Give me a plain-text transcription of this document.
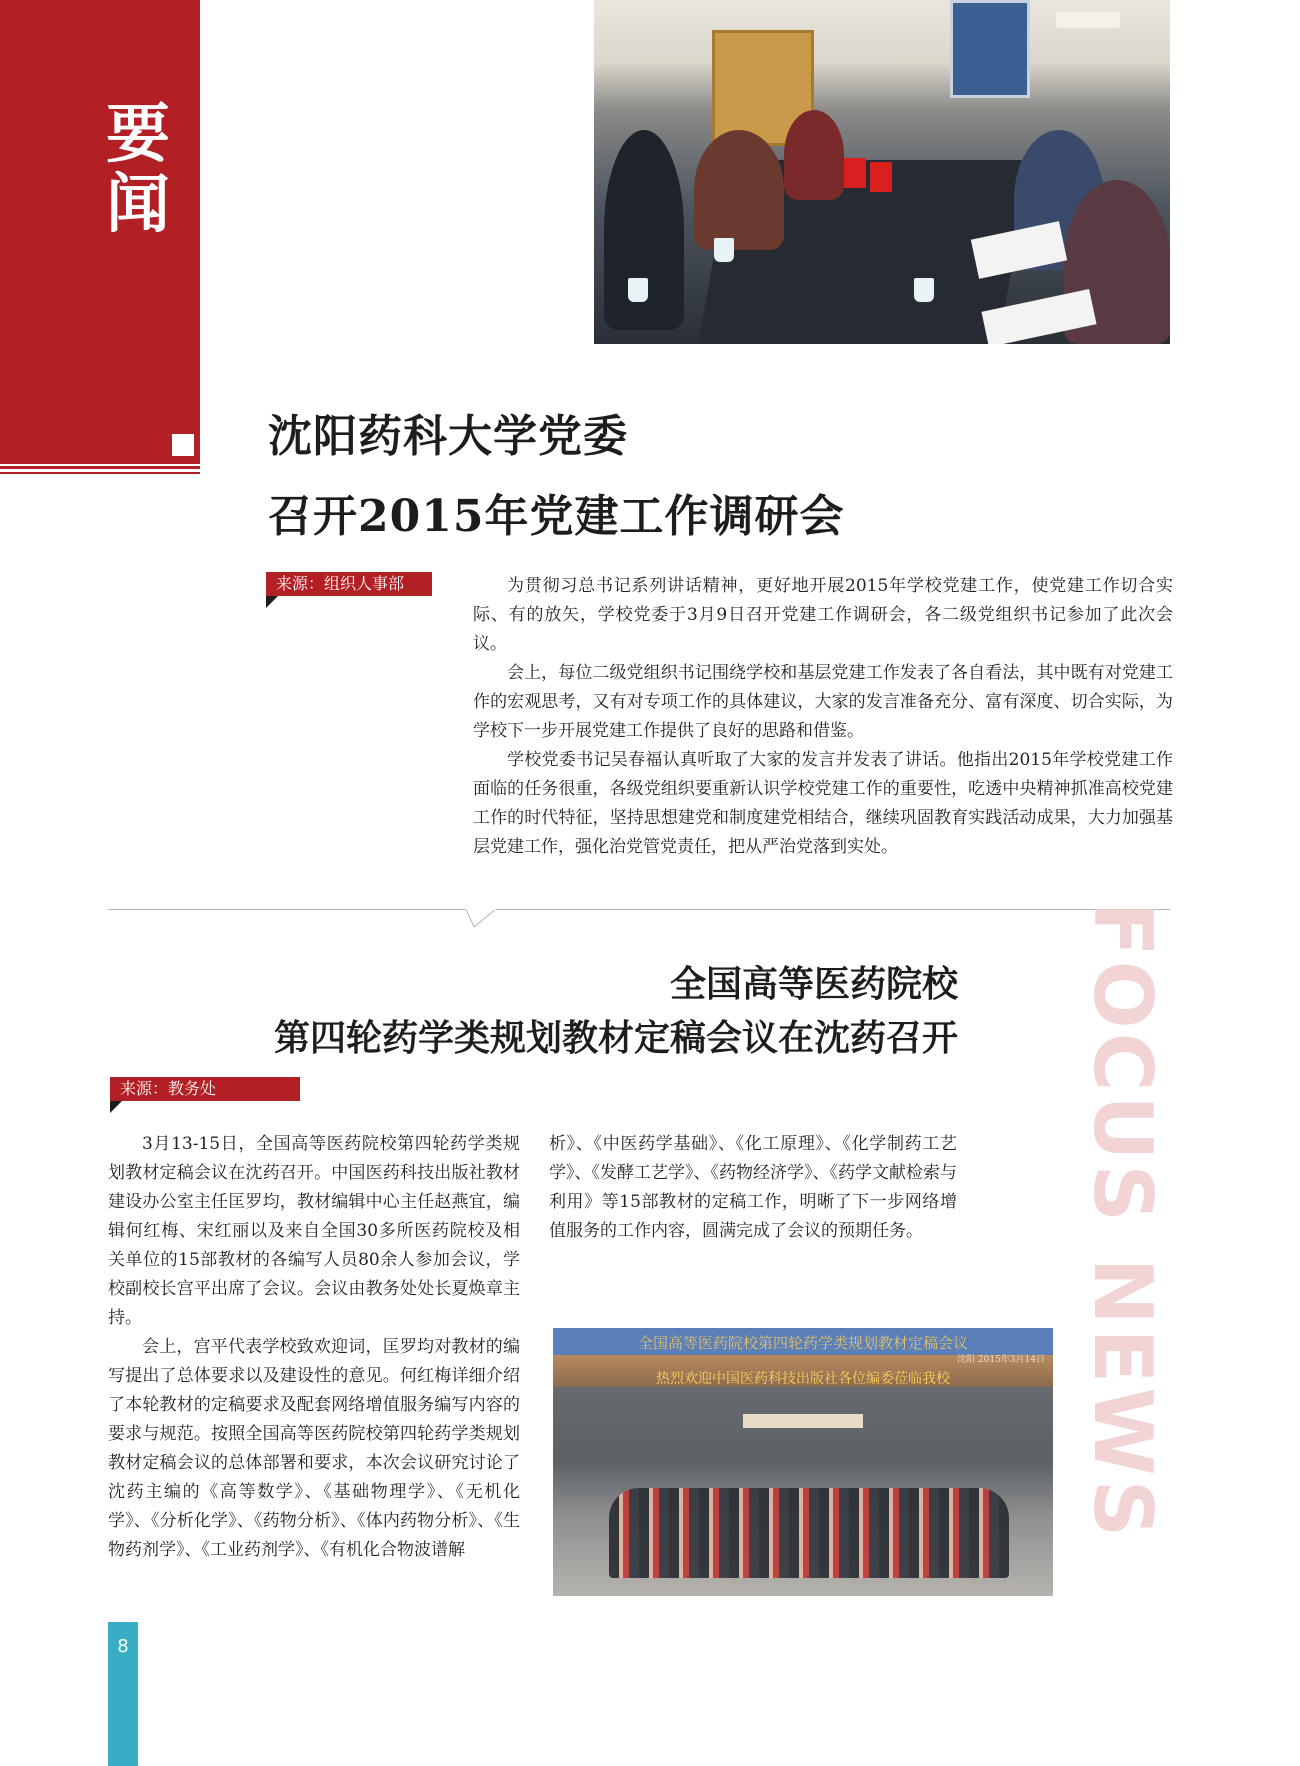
要闻
沈阳药科大学党委
召开2015年党建工作调研会
来源：组织人事部	为贯彻习总书记系列讲话精神，更好地开展2015年学校党建工作，使党建工作切合实际、有的放矢，学校党委于3月9日召开党建工作调研会，各二级党组织书记参加了此次会议。

会上，每位二级党组织书记围绕学校和基层党建工作发表了各自看法，其中既有对党建工作的宏观思考，又有对专项工作的具体建议，大家的发言准备充分、富有深度、切合实际，为学校下一步开展党建工作提供了良好的思路和借鉴。

学校党委书记吴春福认真听取了大家的发言并发表了讲话。他指出2015年学校党建工作面临的任务很重，各级党组织要重新认识学校党建工作的重要性，吃透中央精神抓准高校党建工作的时代特征，坚持思想建党和制度建党相结合，继续巩固教育实践活动成果，大力加强基层党建工作，强化治党管党责任，把从严治党落到实处。

FOCUS NEWS
全国高等医药院校
第四轮药学类规划教材定稿会议在沈药召开
来源：教务处

3月13-15日，全国高等医药院校第四轮药学类规划教材定稿会议在沈药召开。中国医药科技出版社教材建设办公室主任匡罗均，教材编辑中心主任赵燕宜，编辑何红梅、宋红丽以及来自全国30多所医药院校及相关单位的15部教材的各编写人员80余人参加会议，学校副校长宫平出席了会议。会议由教务处处长夏焕章主持。

会上，宫平代表学校致欢迎词，匡罗均对教材的编写提出了总体要求以及建设性的意见。何红梅详细介绍了本轮教材的定稿要求及配套网络增值服务编写内容的要求与规范。按照全国高等医药院校第四轮药学类规划教材定稿会议的总体部署和要求，本次会议研究讨论了沈药主编的《高等数学》、《基础物理学》、《无机化学》、《分析化学》、《药物分析》、《体内药物分析》、《生物药剂学》、《工业药剂学》、《有机化合物波谱解

析》、《中医药学基础》、《化工原理》、《化学制药工艺学》、《发酵工艺学》、《药物经济学》、《药学文献检索与利用》等15部教材的定稿工作，明晰了下一步网络增值服务的工作内容，圆满完成了会议的预期任务。

全国高等医药院校第四轮药学类规划教材定稿会议
沈阳 2015年3月14日
热烈欢迎中国医药科技出版社各位编委莅临我校
8
